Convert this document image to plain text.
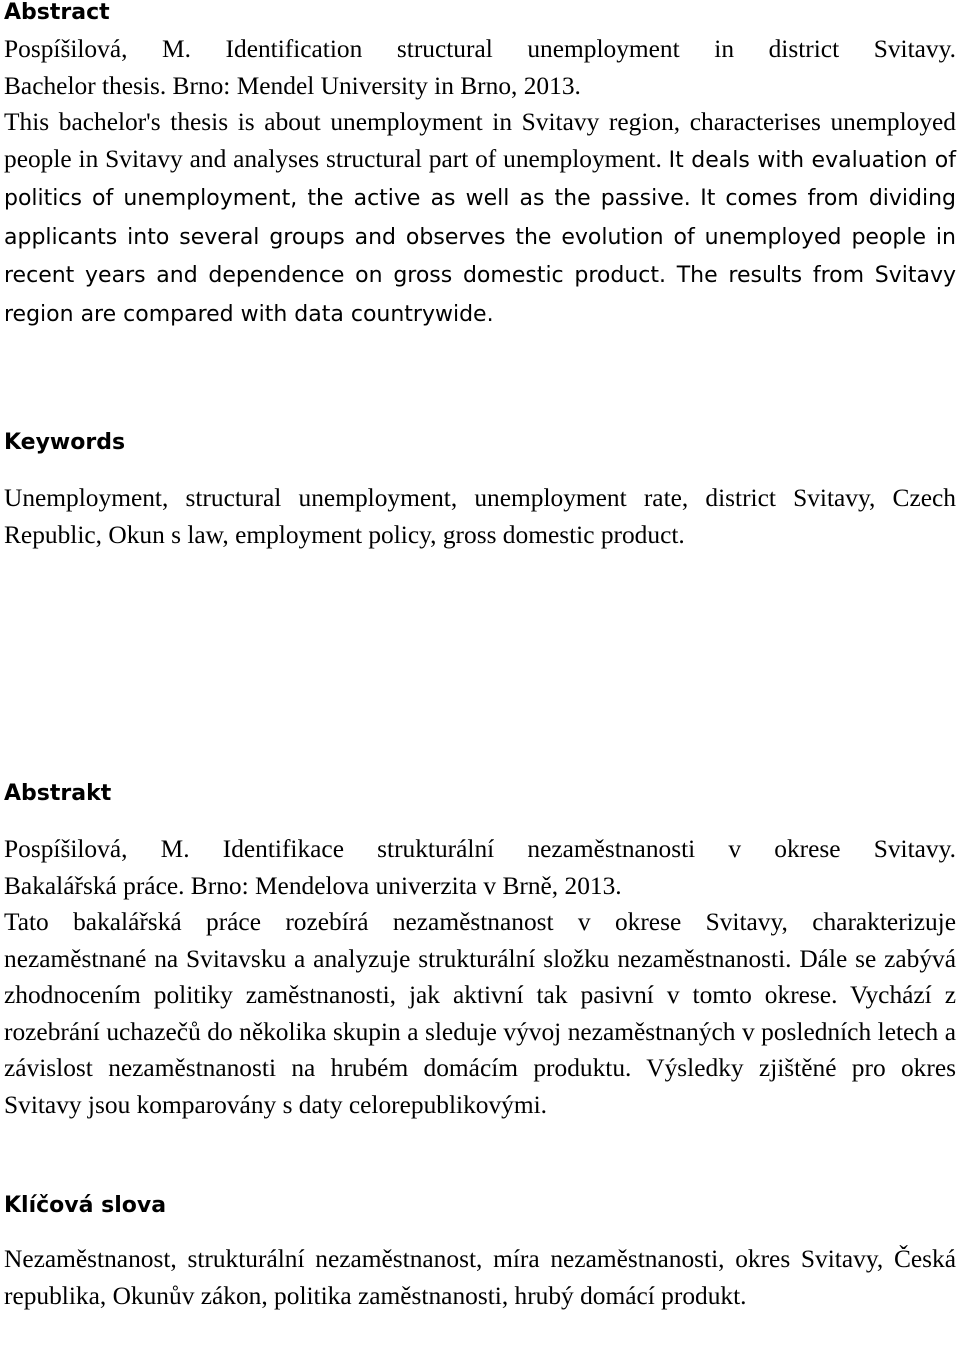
Abstract
Pospíšilová, M. Identification structural unemployment in district Svitavy.
Bachelor thesis. Brno: Mendel University in Brno, 2013.

This bachelor's thesis is about unemployment in Svitavy region, characterises unemployed people in Svitavy and analyses structural part of unemployment. It deals with evaluation of politics of unemployment, the active as well as the passive. It comes from dividing applicants into several groups and observes the evolution of unemployed people in recent years and dependence on gross domestic product. The results from Svitavy region are compared with data countrywide.

Keywords

Unemployment, structural unemployment, unemployment rate, district Svitavy, Czech Republic, Okun s law, employment policy, gross domestic product.

Abstrakt
Pospíšilová, M. Identifikace strukturální nezaměstnanosti v okrese Svitavy.
Bakalářská práce. Brno: Mendelova univerzita v Brně, 2013.

Tato bakalářská práce rozebírá nezaměstnanost v okrese Svitavy, charakterizuje nezaměstnané na Svitavsku a analyzuje strukturální složku nezaměstnanosti. Dále se zabývá zhodnocením politiky zaměstnanosti, jak aktivní tak pasivní v tomto okrese. Vychází z rozebrání uchazečů do několika skupin a sleduje vývoj nezaměstnaných v posledních letech a závislost nezaměstnanosti na hrubém domácím produktu. Výsledky zjištěné pro okres Svitavy jsou komparovány s daty celorepublikovými.

Klíčová slova

Nezaměstnanost, strukturální nezaměstnanost, míra nezaměstnanosti, okres Svitavy, Česká republika, Okunův zákon, politika zaměstnanosti, hrubý domácí produkt.
